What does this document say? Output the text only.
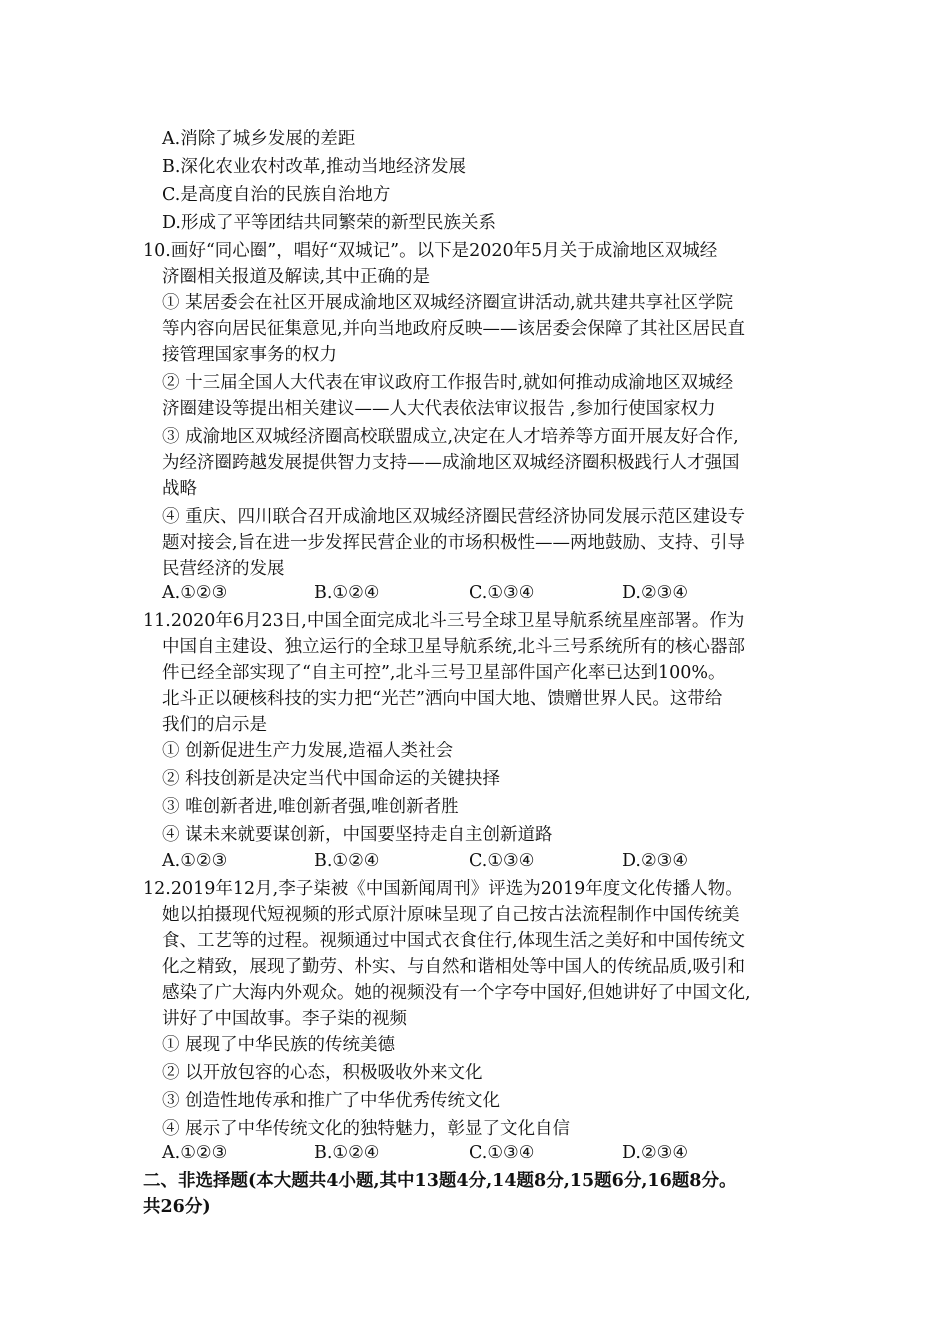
A.消除了城乡发展的差距
B.深化农业农村改革,推动当地经济发展
C.是高度自治的民族自治地方
D.形成了平等团结共同繁荣的新型民族关系
10.画好“同心圈”，唱好“双城记”。以下是2020年5月关于成渝地区双城经
济圈相关报道及解读,其中正确的是
① 某居委会在社区开展成渝地区双城经济圈宣讲活动,就共建共享社区学院
等内容向居民征集意见,并向当地政府反映——该居委会保障了其社区居民直
接管理国家事务的权力
② 十三届全国人大代表在审议政府工作报告时,就如何推动成渝地区双城经
济圈建设等提出相关建议——人大代表依法审议报告 ,参加行使国家权力
③ 成渝地区双城经济圈高校联盟成立,决定在人才培养等方面开展友好合作,
为经济圈跨越发展提供智力支持——成渝地区双城经济圈积极践行人才强国
战略
④ 重庆、四川联合召开成渝地区双城经济圈民营经济协同发展示范区建设专
题对接会,旨在进一步发挥民营企业的市场积极性——两地鼓励、支持、引导
民营经济的发展
A.①②③	B.①②④	C.①③④	D.②③④
11.2020年6月23日,中国全面完成北斗三号全球卫星导航系统星座部署。作为
中国自主建设、独立运行的全球卫星导航系统,北斗三号系统所有的核心器部
件已经全部实现了“自主可控”,北斗三号卫星部件国产化率已达到100%。
北斗正以硬核科技的实力把“光芒”洒向中国大地、馈赠世界人民。这带给
我们的启示是
① 创新促进生产力发展,造福人类社会
② 科技创新是决定当代中国命运的关键抉择
③ 唯创新者进,唯创新者强,唯创新者胜
④ 谋未来就要谋创新，中国要坚持走自主创新道路
A.①②③	B.①②④	C.①③④	D.②③④
12.2019年12月,李子柒被《中国新闻周刊》评选为2019年度文化传播人物。
她以拍摄现代短视频的形式原汁原味呈现了自己按古法流程制作中国传统美
食、工艺等的过程。视频通过中国式衣食住行,体现生活之美好和中国传统文
化之精致，展现了勤劳、朴实、与自然和谐相处等中国人的传统品质,吸引和
感染了广大海内外观众。她的视频没有一个字夸中国好,但她讲好了中国文化,
讲好了中国故事。李子柒的视频
① 展现了中华民族的传统美德
② 以开放包容的心态，积极吸收外来文化
③ 创造性地传承和推广了中华优秀传统文化
④ 展示了中华传统文化的独特魅力，彰显了文化自信
A.①②③	B.①②④	C.①③④	D.②③④
二、非选择题(本大题共4小题,其中13题4分,14题8分,15题6分,16题8分。
共26分)
